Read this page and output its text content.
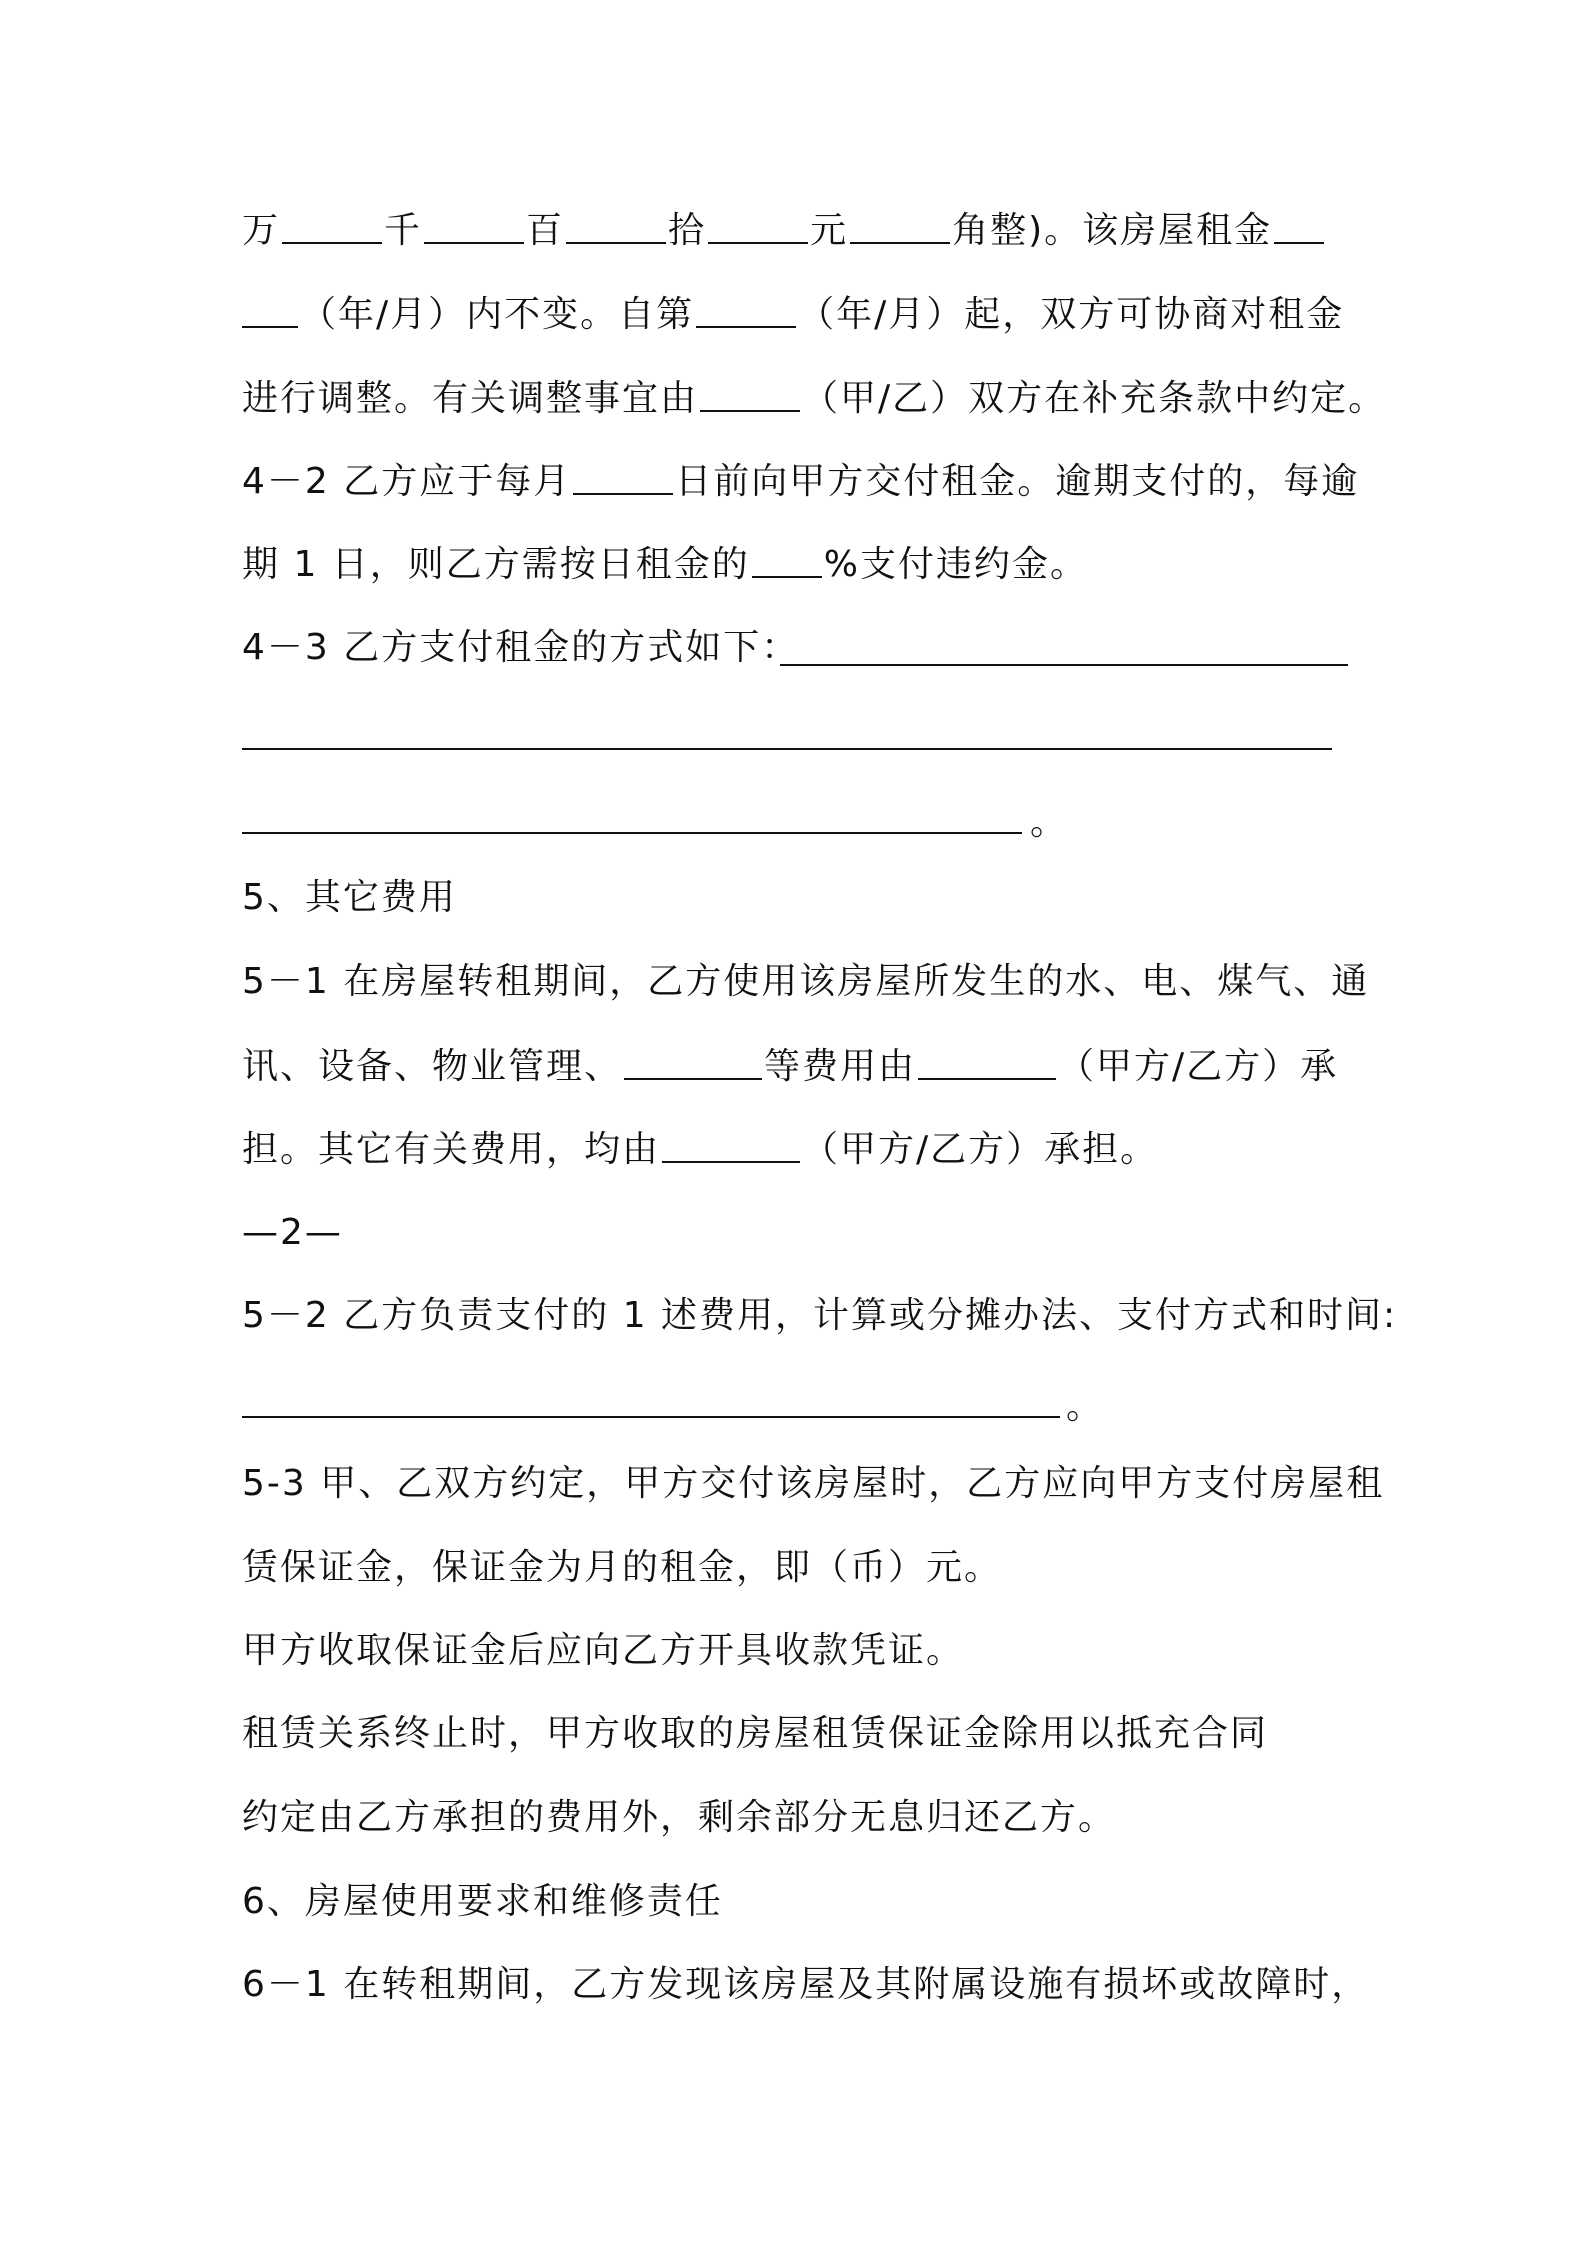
万	千	百	拾	元	角整)。该房屋租金
（年/月）内不变。自第	（年/月）起，双方可协商对租金
进行调整。有关调整事宜由	（甲/乙）双方在补充条款中约定。
4－2 乙方应于每月	日前向甲方交付租金。逾期支付的，每逾
期 1 日，则乙方需按日租金的 %支付违约金。
4－3 乙方支付租金的方式如下：
。
5、其它费用
5－1 在房屋转租期间，乙方使用该房屋所发生的水、电、煤气、通
讯、设备、物业管理、	等费用由	（甲方/乙方）承
担。其它有关费用，均由	（甲方/乙方）承担。
—2—
5－2 乙方负责支付的 1 述费用，计算或分摊办法、支付方式和时间:
。
5-3 甲、乙双方约定，甲方交付该房屋时，乙方应向甲方支付房屋租
赁保证金，保证金为月的租金，即（币）元。
甲方收取保证金后应向乙方开具收款凭证。
租赁关系终止时，甲方收取的房屋租赁保证金除用以抵充合同
约定由乙方承担的费用外，剩余部分无息归还乙方。
6、房屋使用要求和维修责任
6－1 在转租期间，乙方发现该房屋及其附属设施有损坏或故障时，
